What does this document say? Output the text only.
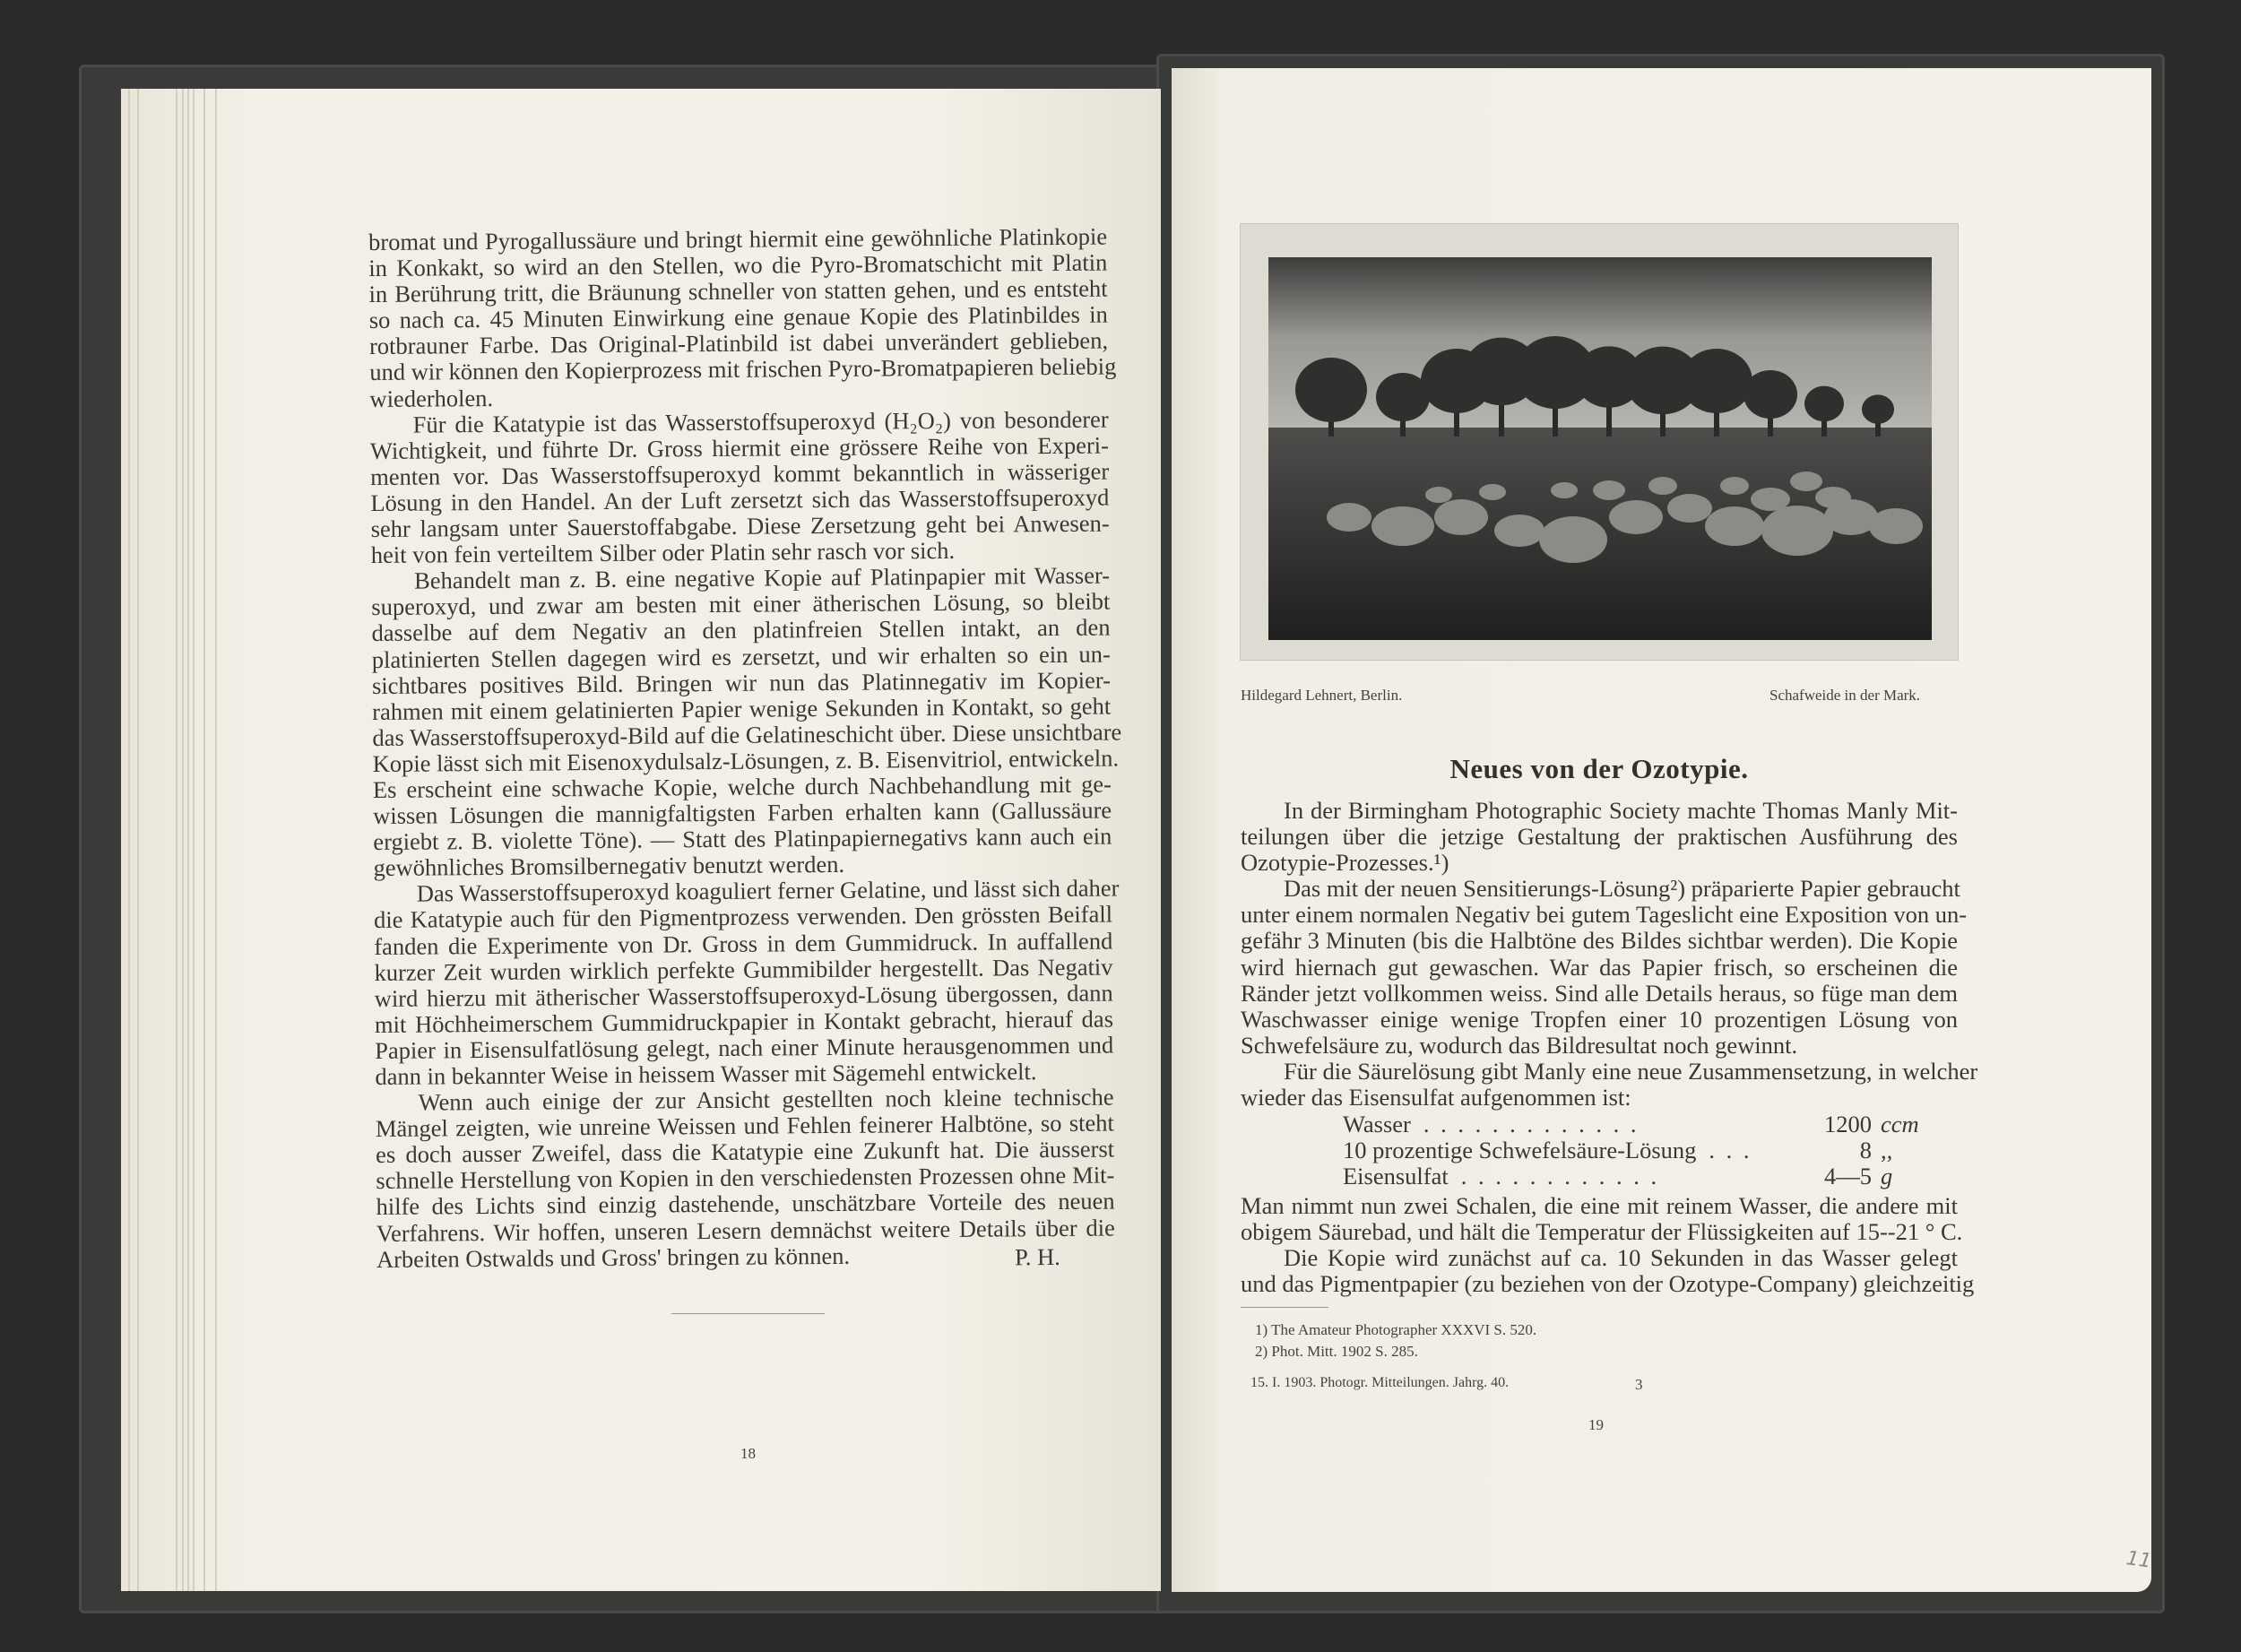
P. H.
bromat und Pyrogallussäure und bringt hiermit eine gewöhnliche Platinkopie
in Konkakt, so wird an den Stellen, wo die Pyro-Bromatschicht mit Platin
in Berührung tritt, die Bräunung schneller von statten gehen, und es entsteht
so nach ca. 45 Minuten Einwirkung eine genaue Kopie des Platinbildes in
rotbrauner Farbe. Das Original-Platinbild ist dabei unverändert geblieben,
und wir können den Kopierprozess mit frischen Pyro-Bromatpapieren beliebig
wiederholen.
Für die Katatypie ist das Wasserstoffsuperoxyd (H₂O₂) von besonderer
Wichtigkeit, und führte Dr. Gross hiermit eine grössere Reihe von Experi-
menten vor. Das Wasserstoffsuperoxyd kommt bekanntlich in wässeriger
Lösung in den Handel. An der Luft zersetzt sich das Wasserstoffsuperoxyd
sehr langsam unter Sauerstoffabgabe. Diese Zersetzung geht bei Anwesen-
heit von fein verteiltem Silber oder Platin sehr rasch vor sich.
Behandelt man z. B. eine negative Kopie auf Platinpapier mit Wasser-
superoxyd, und zwar am besten mit einer ätherischen Lösung, so bleibt
dasselbe auf dem Negativ an den platinfreien Stellen intakt, an den
platinierten Stellen dagegen wird es zersetzt, und wir erhalten so ein un-
sichtbares positives Bild. Bringen wir nun das Platinnegativ im Kopier-
rahmen mit einem gelatinierten Papier wenige Sekunden in Kontakt, so geht
das Wasserstoffsuperoxyd-Bild auf die Gelatineschicht über. Diese unsichtbare
Kopie lässt sich mit Eisenoxydulsalz-Lösungen, z. B. Eisenvitriol, entwickeln.
Es erscheint eine schwache Kopie, welche durch Nachbehandlung mit ge-
wissen Lösungen die mannigfaltigsten Farben erhalten kann (Gallussäure
ergiebt z. B. violette Töne). — Statt des Platinpapiernegativs kann auch ein
gewöhnliches Bromsilbernegativ benutzt werden.
Das Wasserstoffsuperoxyd koaguliert ferner Gelatine, und lässt sich daher
die Katatypie auch für den Pigmentprozess verwenden. Den grössten Beifall
fanden die Experimente von Dr. Gross in dem Gummidruck. In auffallend
kurzer Zeit wurden wirklich perfekte Gummibilder hergestellt. Das Negativ
wird hierzu mit ätherischer Wasserstoffsuperoxyd-Lösung übergossen, dann
mit Höchheimerschem Gummidruckpapier in Kontakt gebracht, hierauf das
Papier in Eisensulfatlösung gelegt, nach einer Minute herausgenommen und
dann in bekannter Weise in heissem Wasser mit Sägemehl entwickelt.
Wenn auch einige der zur Ansicht gestellten noch kleine technische
Mängel zeigten, wie unreine Weissen und Fehlen feinerer Halbtöne, so steht
es doch ausser Zweifel, dass die Katatypie eine Zukunft hat. Die äusserst
schnelle Herstellung von Kopien in den verschiedensten Prozessen ohne Mit-
hilfe des Lichts sind einzig dastehende, unschätzbare Vorteile des neuen
Verfahrens. Wir hoffen, unseren Lesern demnächst weitere Details über die
Arbeiten Ostwalds und Gross' bringen zu können.
18
Hildegard Lehnert, Berlin.	Schafweide in der Mark.
Neues von der Ozotypie.
In der Birmingham Photographic Society machte Thomas Manly Mit-
teilungen über die jetzige Gestaltung der praktischen Ausführung des
Ozotypie-Prozesses.¹)
Das mit der neuen Sensitierungs-Lösung²) präparierte Papier gebraucht
unter einem normalen Negativ bei gutem Tageslicht eine Exposition von un-
gefähr 3 Minuten (bis die Halbtöne des Bildes sichtbar werden). Die Kopie
wird hiernach gut gewaschen. War das Papier frisch, so erscheinen die
Ränder jetzt vollkommen weiss. Sind alle Details heraus, so füge man dem
Waschwasser einige wenige Tropfen einer 10 prozentigen Lösung von
Schwefelsäure zu, wodurch das Bildresultat noch gewinnt.
Für die Säurelösung gibt Manly eine neue Zusammensetzung, in welcher
wieder das Eisensulfat aufgenommen ist:
Wasser . . . . . . . . . . . . .	1200 ccm
10 prozentige Schwefelsäure-Lösung . . .	8 ,,
Eisensulfat . . . . . . . . . . . .	4—5 g
Man nimmt nun zwei Schalen, die eine mit reinem Wasser, die andere mit
obigem Säurebad, und hält die Temperatur der Flüssigkeiten auf 15--21 ° C.
Die Kopie wird zunächst auf ca. 10 Sekunden in das Wasser gelegt
und das Pigmentpapier (zu beziehen von der Ozotype-Company) gleichzeitig
1) The Amateur Photographer XXXVI S. 520.
2) Phot. Mitt. 1902 S. 285.
15. I. 1903. Photogr. Mitteilungen. Jahrg. 40.	3
19
11
